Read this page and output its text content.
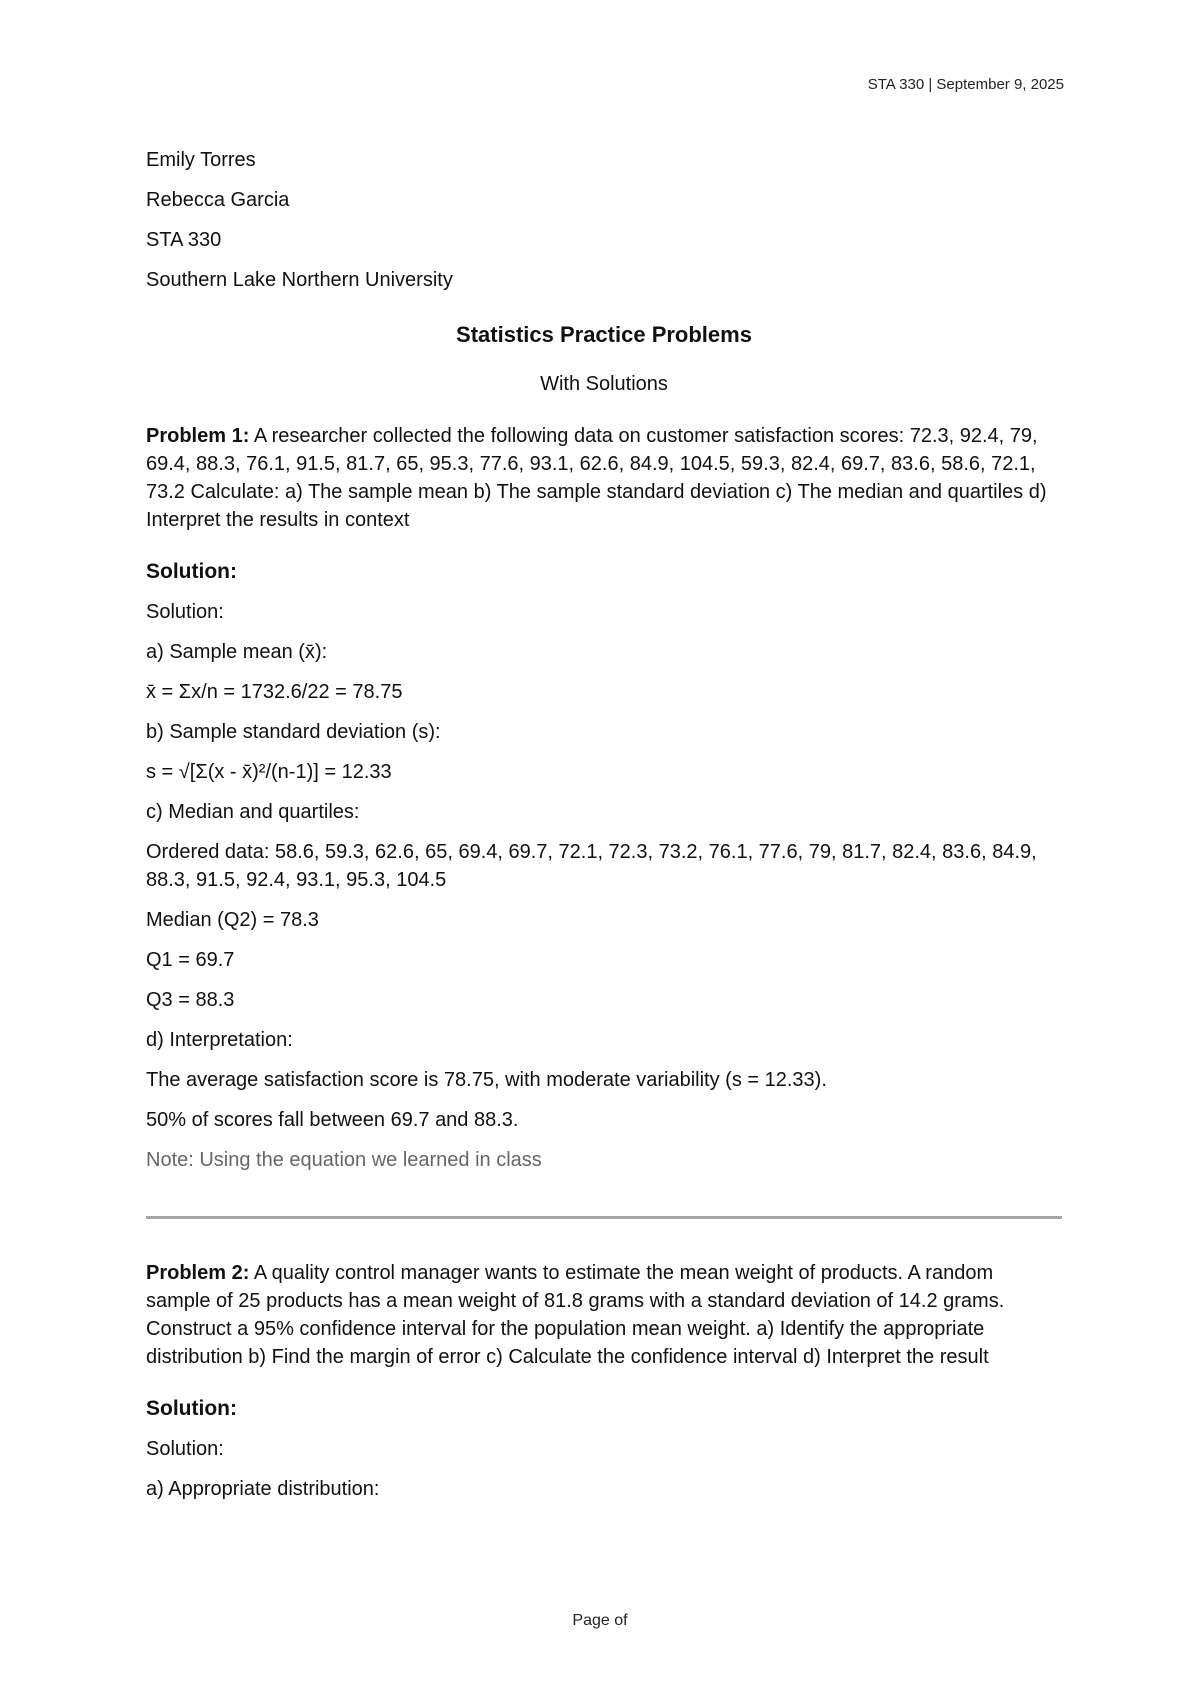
STA 330 | September 9, 2025

Emily Torres

Rebecca Garcia

STA 330

Southern Lake Northern University

Statistics Practice Problems

With Solutions

Problem 1: A researcher collected the following data on customer satisfaction scores: 72.3, 92.4, 79, 69.4, 88.3, 76.1, 91.5, 81.7, 65, 95.3, 77.6, 93.1, 62.6, 84.9, 104.5, 59.3, 82.4, 69.7, 83.6, 58.6, 72.1, 73.2 Calculate: a) The sample mean b) The sample standard deviation c) The median and quartiles d) Interpret the results in context

Solution:

Solution:

a) Sample mean (x̄):

x̄ = Σx/n = 1732.6/22 = 78.75

b) Sample standard deviation (s):

s = √[Σ(x - x̄)²/(n-1)] = 12.33

c) Median and quartiles:

Ordered data: 58.6, 59.3, 62.6, 65, 69.4, 69.7, 72.1, 72.3, 73.2, 76.1, 77.6, 79, 81.7, 82.4, 83.6, 84.9, 88.3, 91.5, 92.4, 93.1, 95.3, 104.5

Median (Q2) = 78.3

Q1 = 69.7

Q3 = 88.3

d) Interpretation:

The average satisfaction score is 78.75, with moderate variability (s = 12.33).

50% of scores fall between 69.7 and 88.3.

Note: Using the equation we learned in class

Problem 2: A quality control manager wants to estimate the mean weight of products. A random sample of 25 products has a mean weight of 81.8 grams with a standard deviation of 14.2 grams. Construct a 95% confidence interval for the population mean weight. a) Identify the appropriate distribution b) Find the margin of error c) Calculate the confidence interval d) Interpret the result

Solution:

Solution:

a) Appropriate distribution:

Page of
